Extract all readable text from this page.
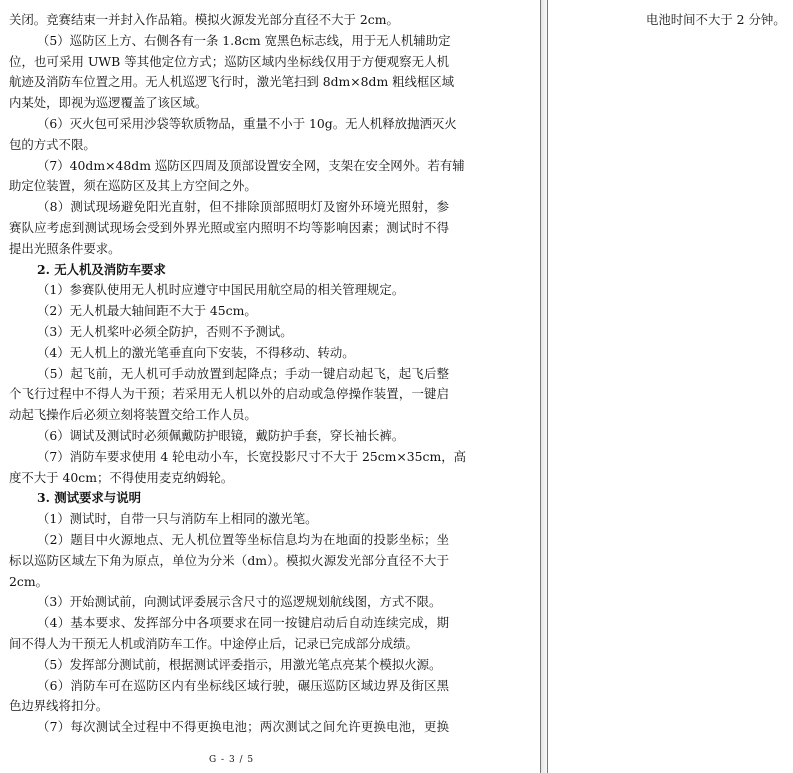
关闭。竞赛结束一并封入作品箱。模拟火源发光部分直径不大于 2cm。
（5）巡防区上方、右侧各有一条 1.8cm 宽黑色标志线，用于无人机辅助定
位，也可采用 UWB 等其他定位方式；巡防区域内坐标线仅用于方便观察无人机
航迹及消防车位置之用。无人机巡逻飞行时，激光笔扫到 8dm×8dm 粗线框区域
内某处，即视为巡逻覆盖了该区域。
（6）灭火包可采用沙袋等软质物品，重量不小于 10g。无人机释放抛洒灭火
包的方式不限。
（7）40dm×48dm 巡防区四周及顶部设置安全网，支架在安全网外。若有辅
助定位装置，须在巡防区及其上方空间之外。
（8）测试现场避免阳光直射，但不排除顶部照明灯及窗外环境光照射，参
赛队应考虑到测试现场会受到外界光照或室内照明不均等影响因素；测试时不得
提出光照条件要求。
2. 无人机及消防车要求
（1）参赛队使用无人机时应遵守中国民用航空局的相关管理规定。
（2）无人机最大轴间距不大于 45cm。
（3）无人机桨叶必须全防护，否则不予测试。
（4）无人机上的激光笔垂直向下安装，不得移动、转动。
（5）起飞前，无人机可手动放置到起降点；手动一键启动起飞，起飞后整
个飞行过程中不得人为干预；若采用无人机以外的启动或急停操作装置，一键启
动起飞操作后必须立刻将装置交给工作人员。
（6）调试及测试时必须佩戴防护眼镜，戴防护手套，穿长袖长裤。
（7）消防车要求使用 4 轮电动小车，长宽投影尺寸不大于 25cm×35cm，高
度不大于 40cm；不得使用麦克纳姆轮。
3. 测试要求与说明
（1）测试时，自带一只与消防车上相同的激光笔。
（2）题目中火源地点、无人机位置等坐标信息均为在地面的投影坐标；坐
标以巡防区域左下角为原点，单位为分米（dm）。模拟火源发光部分直径不大于
2cm。
（3）开始测试前，向测试评委展示含尺寸的巡逻规划航线图，方式不限。
（4）基本要求、发挥部分中各项要求在同一按键启动后自动连续完成，期
间不得人为干预无人机或消防车工作。中途停止后，记录已完成部分成绩。
（5）发挥部分测试前，根据测试评委指示，用激光笔点亮某个模拟火源。
（6）消防车可在巡防区内有坐标线区域行驶，碾压巡防区域边界及街区黑
色边界线将扣分。
（7）每次测试全过程中不得更换电池；两次测试之间允许更换电池，更换
G - 3 / 5
电池时间不大于 2 分钟。
